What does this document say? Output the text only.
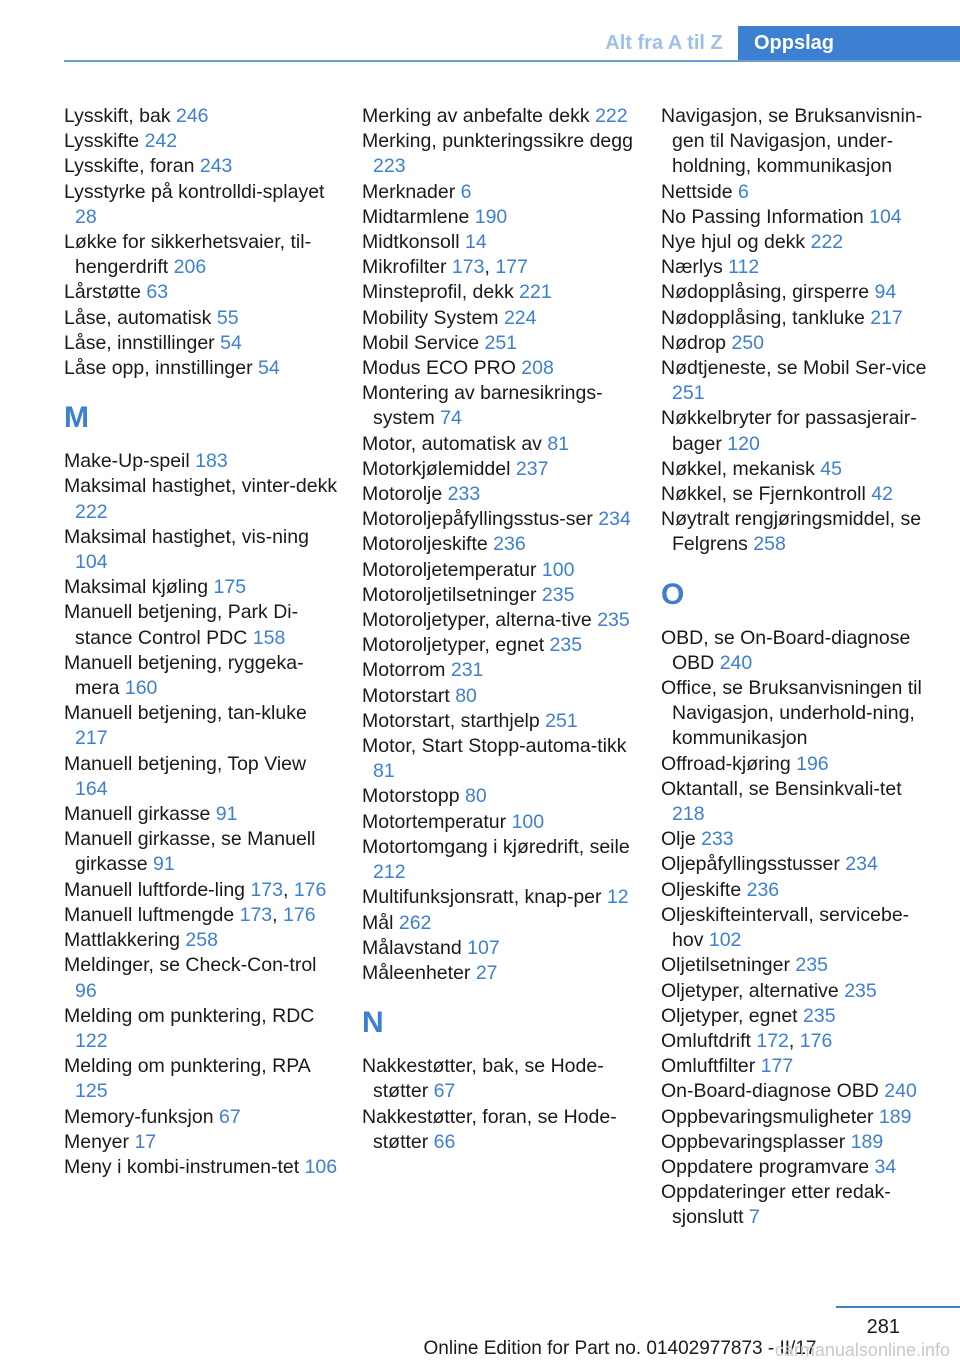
Alt fra A til Z	Oppslag
Lysskift, bak 246
Lysskifte 242
Lysskifte, foran 243
Lysstyrke på kontrolldi-splayet 28
Løkke for sikkerhetsvaier, til-hengerdrift 206
Lårstøtte 63
Låse, automatisk 55
Låse, innstillinger 54
Låse opp, innstillinger 54
M
Make-Up-speil 183
Maksimal hastighet, vinter-dekk 222
Maksimal hastighet, vis-ning 104
Maksimal kjøling 175
Manuell betjening, Park Di-stance Control PDC 158
Manuell betjening, ryggeka-mera 160
Manuell betjening, tan-kluke 217
Manuell betjening, Top View 164
Manuell girkasse 91
Manuell girkasse, se Manuell girkasse 91
Manuell luftforde-ling 173, 176
Manuell luftmengde 173, 176
Mattlakkering 258
Meldinger, se Check-Con-trol 96
Melding om punktering, RDC 122
Melding om punktering, RPA 125
Memory-funksjon 67
Menyer 17
Meny i kombi-instrumen-tet 106
Merking av anbefalte dekk 222
Merking, punkteringssikre degg 223
Merknader 6
Midtarmlene 190
Midtkonsoll 14
Mikrofilter 173, 177
Minsteprofil, dekk 221
Mobility System 224
Mobil Service 251
Modus ECO PRO 208
Montering av barnesikrings-system 74
Motor, automatisk av 81
Motorkjølemiddel 237
Motorolje 233
Motoroljepåfyllingsstus-ser 234
Motoroljeskifte 236
Motoroljetemperatur 100
Motoroljetilsetninger 235
Motoroljetyper, alterna-tive 235
Motoroljetyper, egnet 235
Motorrom 231
Motorstart 80
Motorstart, starthjelp 251
Motor, Start Stopp-automa-tikk 81
Motorstopp 80
Motortemperatur 100
Motortomgang i kjøredrift, seile 212
Multifunksjonsratt, knap-per 12
Mål 262
Målavstand 107
Måleenheter 27
N
Nakkestøtter, bak, se Hode-støtter 67
Nakkestøtter, foran, se Hode-støtter 66
Navigasjon, se Bruksanvisnin-gen til Navigasjon, under-holdning, kommunikasjon
Nettside 6
No Passing Information 104
Nye hjul og dekk 222
Nærlys 112
Nødopplåsing, girsperre 94
Nødopplåsing, tankluke 217
Nødrop 250
Nødtjeneste, se Mobil Ser-vice 251
Nøkkelbryter for passasjerair-bager 120
Nøkkel, mekanisk 45
Nøkkel, se Fjernkontroll 42
Nøytralt rengjøringsmiddel, se Felgrens 258
O
OBD, se On-Board-diagnose OBD 240
Office, se Bruksanvisningen til Navigasjon, underhold-ning, kommunikasjon
Offroad-kjøring 196
Oktantall, se Bensinkvali-tet 218
Olje 233
Oljepåfyllingsstusser 234
Oljeskifte 236
Oljeskifteintervall, servicebe-hov 102
Oljetilsetninger 235
Oljetyper, alternative 235
Oljetyper, egnet 235
Omluftdrift 172, 176
Omluftfilter 177
On-Board-diagnose OBD 240
Oppbevaringsmuligheter 189
Oppbevaringsplasser 189
Oppdatere programvare 34
Oppdateringer etter redak-sjonslutt 7
281
Online Edition for Part no. 01402977873 - II/17
carmanualsonline.info
